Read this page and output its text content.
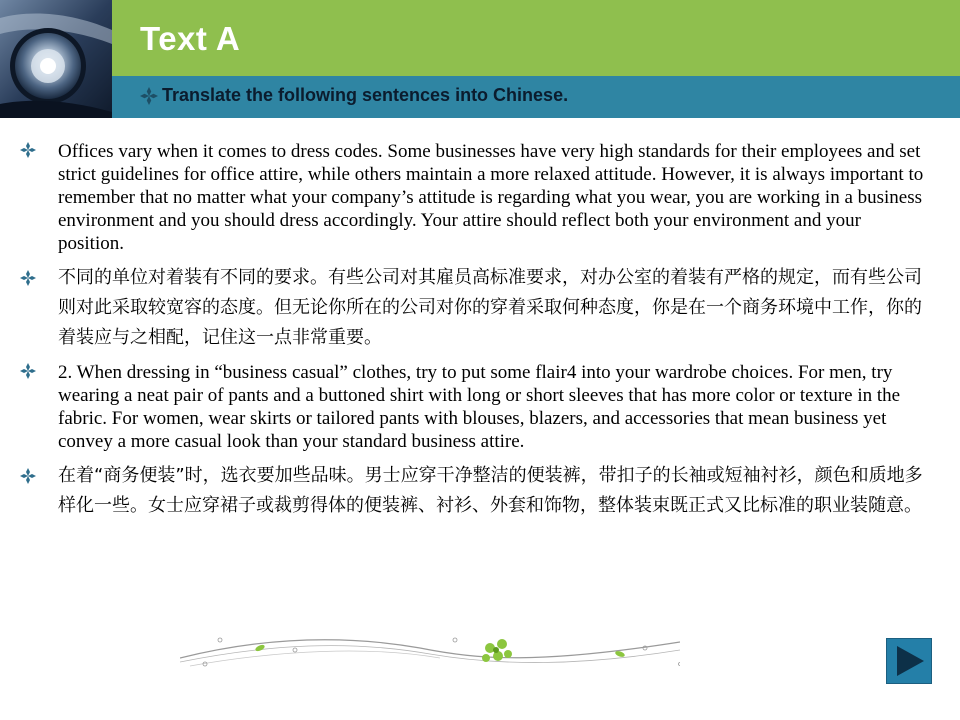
Text A
Translate the following sentences into Chinese.

Offices vary when it comes to dress codes. Some businesses have very high standards for their employees and set strict guidelines for office attire, while others maintain a more relaxed attitude. However, it is always important to remember that no matter what your company’s attitude is regarding what you wear, you are working in a business environment and you should dress accordingly. Your attire should reflect both your environment and your position.

不同的单位对着装有不同的要求。有些公司对其雇员高标准要求，对办公室的着装有严格的规定，而有些公司则对此采取较宽容的态度。但无论你所在的公司对你的穿着采取何种态度，你是在一个商务环境中工作，你的着装应与之相配，记住这一点非常重要。

2. When dressing in “business casual” clothes, try to put some flair4 into your wardrobe choices. For men, try wearing a neat pair of pants and a buttoned shirt with long or short sleeves that has more color or texture in the fabric. For women, wear skirts or tailored pants with blouses, blazers, and accessories that mean business yet convey a more casual look than your standard business attire.

在着“商务便装”时，选衣要加些品味。男士应穿干净整洁的便装裤，带扣子的长袖或短袖衬衫，颜色和质地多样化一些。女士应穿裙子或裁剪得体的便装裤、衬衫、外套和饰物，整体装束既正式又比标准的职业装随意。
